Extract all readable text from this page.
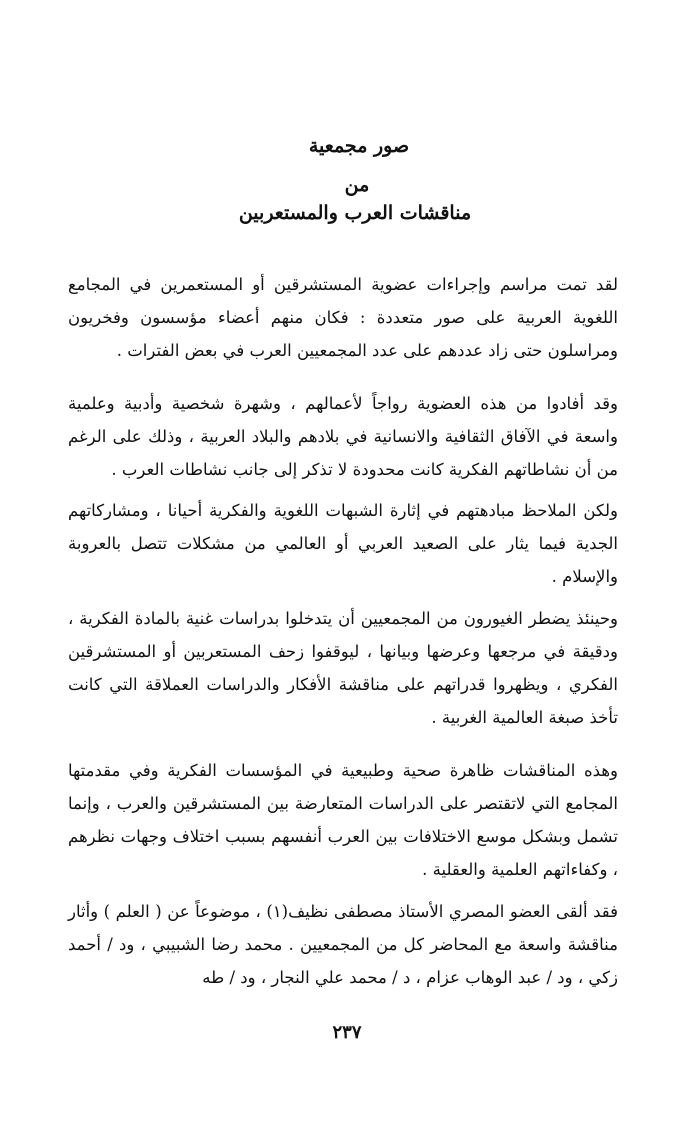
صور مجمعية
من
مناقشات العرب والمستعربين

لقد تمت مراسم وإجراءات عضوية المستشرقين أو المستعمرين في المجامع اللغوية العربية على صور متعددة : فكان منهم أعضاء مؤسسون وفخريون ومراسلون حتى زاد عددهم على عدد المجمعيين العرب في بعض الفترات .

وقد أفادوا من هذه العضوية رواجاً لأعمالهم ، وشهرة شخصية وأدبية وعلمية واسعة في الآفاق الثقافية والانسانية في بلادهم والبلاد العربية ، وذلك على الرغم من أن نشاطاتهم الفكرية كانت محدودة لا تذكر إلى جانب نشاطات العرب .

ولكن الملاحظ مبادهتهم في إثارة الشبهات اللغوية والفكرية أحيانا ، ومشاركاتهم الجدية فيما يثار على الصعيد العربي أو العالمي من مشكلات تتصل بالعروبة والإسلام .

وحينئذ يضطر الغيورون من المجمعيين أن يتدخلوا بدراسات غنية بالمادة الفكرية ، ودقيقة في مرجعها وعرضها وبيانها ، ليوقفوا زحف المستعربين أو المستشرقين الفكري ، ويظهروا قدراتهم على مناقشة الأفكار والدراسات العملاقة التي كانت تأخذ صبغة العالمية الغربية .

وهذه المناقشات ظاهرة صحية وطبيعية في المؤسسات الفكرية وفي مقدمتها المجامع التي لاتقتصر على الدراسات المتعارضة بين المستشرقين والعرب ، وإنما تشمل وبشكل موسع الاختلافات بين العرب أنفسهم بسبب اختلاف وجهات نظرهم ، وكفاءاتهم العلمية والعقلية .

فقد ألقى العضو المصري الأستاذ مصطفى نظيف(١) ، موضوعاً عن ( العلم ) وأثار مناقشة واسعة مع المحاضر كل من المجمعيين . محمد رضا الشبيبي ، ود / أحمد زكي ، ود / عبد الوهاب عزام ، د / محمد علي النجار ، ود / طه

٢٣٧
